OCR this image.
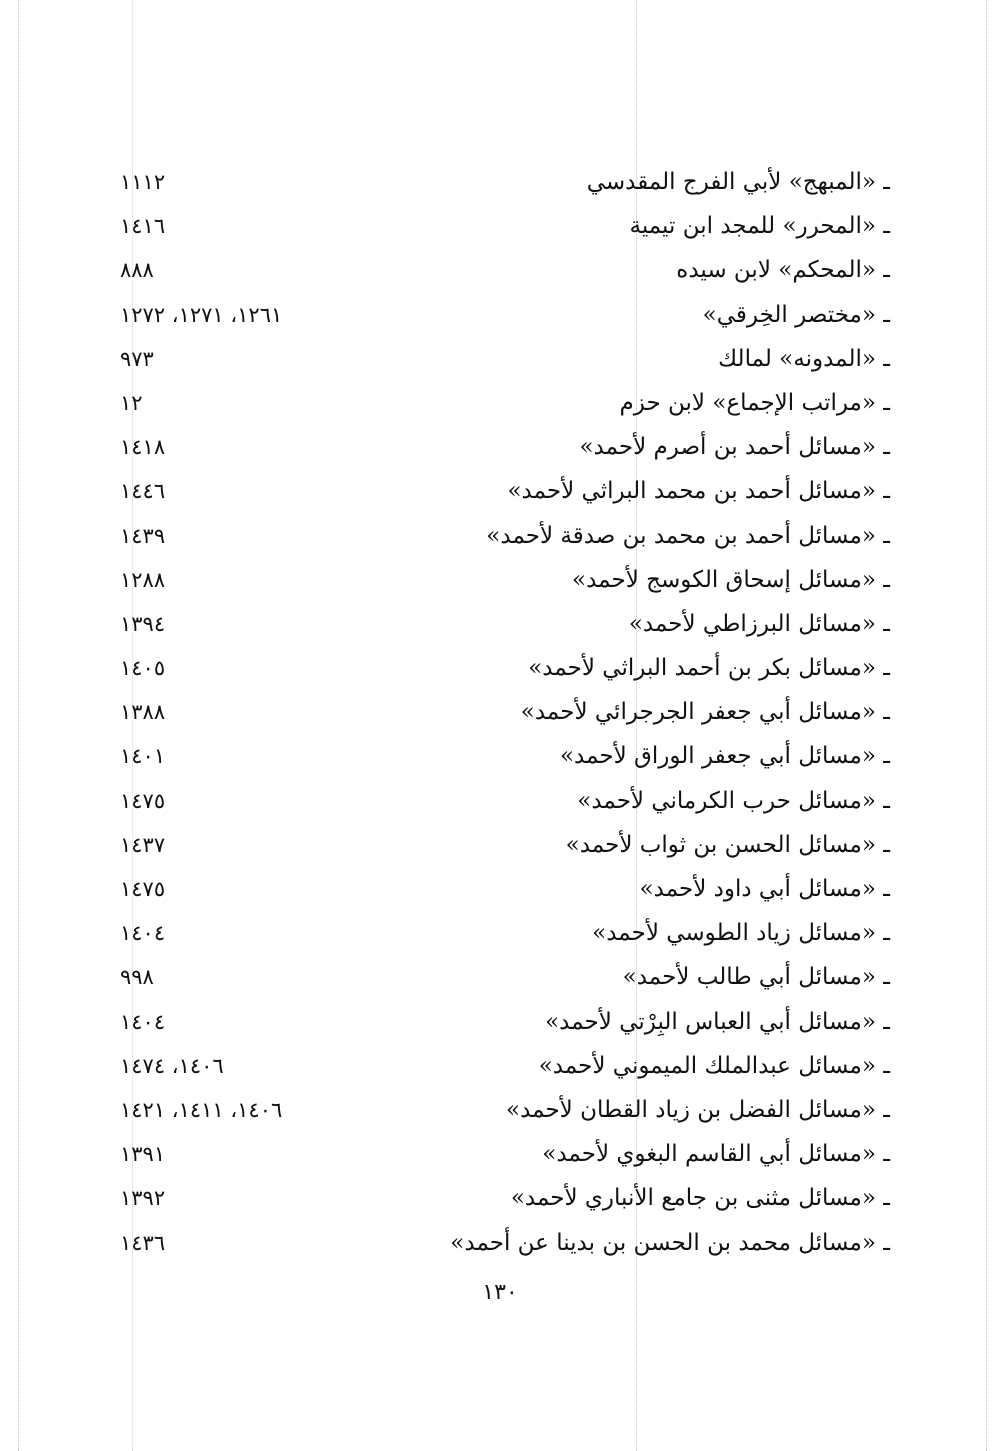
ـ «المبهج» لأبي الفرج المقدسي
١١١٢
ـ «المحرر» للمجد ابن تيمية
١٤١٦
ـ «المحكم» لابن سيده
٨٨٨
ـ «مختصر الخِرقي»
١٢٦١، ١٢٧١، ١٢٧٢
ـ «المدونه» لمالك
٩٧٣
ـ «مراتب الإجماع» لابن حزم
١٢
ـ «مسائل أحمد بن أصرم لأحمد»
١٤١٨
ـ «مسائل أحمد بن محمد البراثي لأحمد»
١٤٤٦
ـ «مسائل أحمد بن محمد بن صدقة لأحمد»
١٤٣٩
ـ «مسائل إسحاق الكوسج لأحمد»
١٢٨٨
ـ «مسائل البرزاطي لأحمد»
١٣٩٤
ـ «مسائل بكر بن أحمد البراثي لأحمد»
١٤٠٥
ـ «مسائل أبي جعفر الجرجرائي لأحمد»
١٣٨٨
ـ «مسائل أبي جعفر الوراق لأحمد»
١٤٠١
ـ «مسائل حرب الكرماني لأحمد»
١٤٧٥
ـ «مسائل الحسن بن ثواب لأحمد»
١٤٣٧
ـ «مسائل أبي داود لأحمد»
١٤٧٥
ـ «مسائل زياد الطوسي لأحمد»
١٤٠٤
ـ «مسائل أبي طالب لأحمد»
٩٩٨
ـ «مسائل أبي العباس البِرْتي لأحمد»
١٤٠٤
ـ «مسائل عبدالملك الميموني لأحمد»
١٤٠٦، ١٤٧٤
ـ «مسائل الفضل بن زياد القطان لأحمد»
١٤٠٦، ١٤١١، ١٤٢١
ـ «مسائل أبي القاسم البغوي لأحمد»
١٣٩١
ـ «مسائل مثنى بن جامع الأنباري لأحمد»
١٣٩٢
ـ «مسائل محمد بن الحسن بن بدينا عن أحمد»
١٤٣٦
١٣٠
